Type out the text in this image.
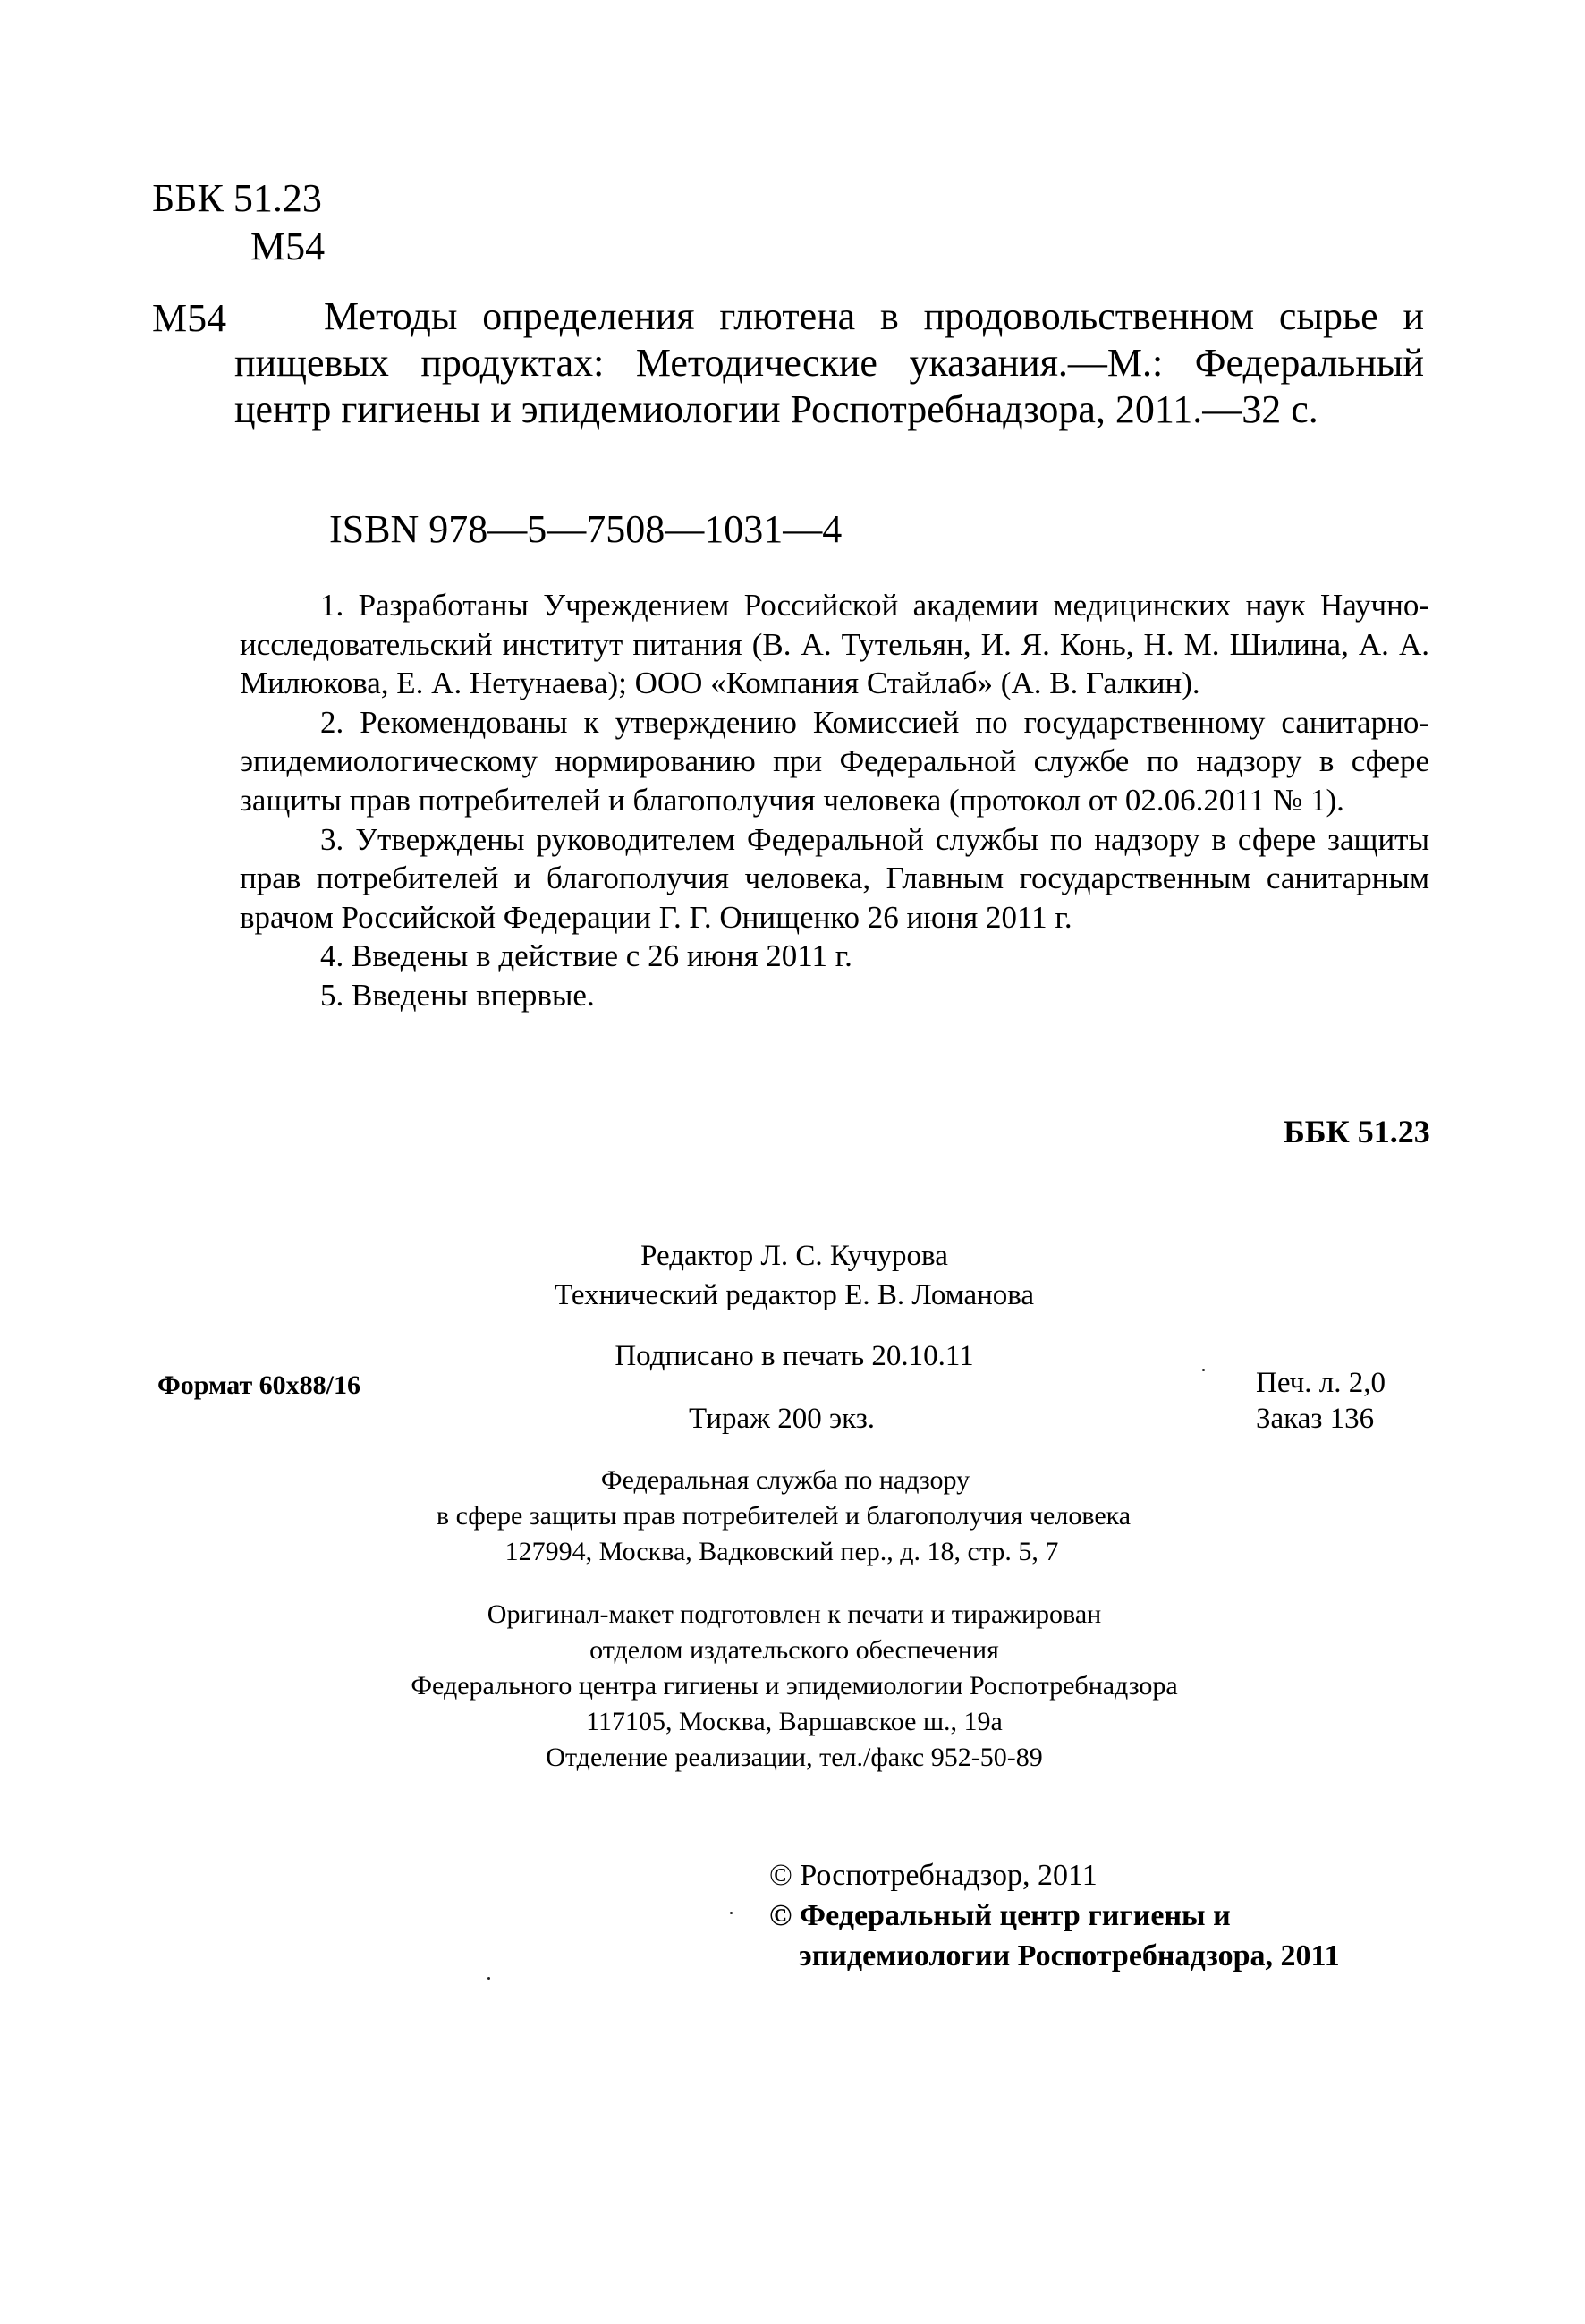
ББК 51.23
М54
М54	Методы определения глютена в продовольственном сырье и пищевых продуктах: Методические указания.—М.: Федеральный центр гигиены и эпидемиологии Роспотребнадзора, 2011.—32 с.
ISBN 978—5—7508—1031—4

1. Разработаны Учреждением Российской академии медицинских наук Научно-исследовательский институт питания (В. А. Тутельян, И. Я. Конь, Н. М. Шилина, А. А. Милюкова, Е. А. Нетунаева); ООО «Компания Стайлаб» (А. В. Галкин).

2. Рекомендованы к утверждению Комиссией по государственному санитарно-эпидемиологическому нормированию при Федеральной службе по надзору в сфере защиты прав потребителей и благополучия человека (протокол от 02.06.2011 № 1).

3. Утверждены руководителем Федеральной службы по надзору в сфере защиты прав потребителей и благополучия человека, Главным государственным санитарным врачом Российской Федерации Г. Г. Онищенко 26 июня 2011 г.

4. Введены в действие с 26 июня 2011 г.

5. Введены впервые.

ББК 51.23
Редактор Л. С. Кучурова
Технический редактор Е. В. Ломанова
Подписано в печать 20.10.11
Формат 60x88/16	Печ. л. 2,0
Тираж 200 экз.	Заказ 136
Федеральная служба по надзору
в сфере защиты прав потребителей и благополучия человека
127994, Москва, Вадковский пер., д. 18, стр. 5, 7
Оригинал-макет подготовлен к печати и тиражирован
отделом издательского обеспечения
Федерального центра гигиены и эпидемиологии Роспотребнадзора
117105, Москва, Варшавское ш., 19а
Отделение реализации, тел./факс 952-50-89
© Роспотребнадзор, 2011
© Федеральный центр гигиены и
эпидемиологии Роспотребнадзора, 2011
